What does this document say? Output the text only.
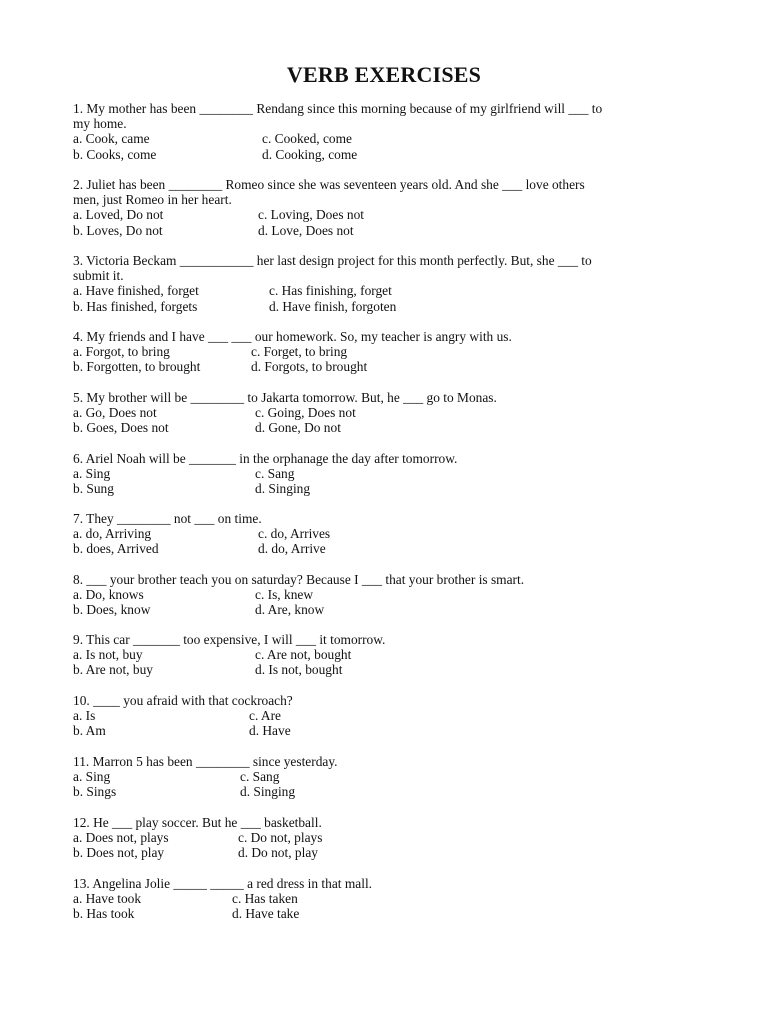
VERB EXERCISES
1. My mother has been ________ Rendang since this morning because of my girlfriend will ___ to
my home.
a. Cook, came	c. Cooked, come
b. Cooks, come	d. Cooking, come
2. Juliet has been ________ Romeo since she was seventeen years old. And she ___ love others
men, just Romeo in her heart.
a. Loved, Do not	c. Loving, Does not
b. Loves, Do not	d. Love, Does not
3. Victoria Beckam ___________ her last design project for this month perfectly. But, she ___ to
submit it.
a. Have finished, forget	c. Has finishing, forget
b. Has finished, forgets	d. Have finish, forgoten
4. My friends and I have ___ ___ our homework. So, my teacher is angry with us.
a. Forgot, to bring	c. Forget, to bring
b. Forgotten, to brought	d. Forgots, to brought
5. My brother will be ________ to Jakarta tomorrow. But, he ___ go to Monas.
a. Go, Does not	c. Going, Does not
b. Goes, Does not	d. Gone, Do not
6. Ariel Noah will be _______ in the orphanage the day after tomorrow.
a. Sing	c. Sang
b. Sung	d. Singing
7. They ________ not ___ on time.
a. do, Arriving	c. do, Arrives
b. does, Arrived	d. do, Arrive
8. ___ your brother teach you on saturday? Because I ___ that your brother is smart.
a. Do, knows	c. Is, knew
b. Does, know	d. Are, know
9. This car _______ too expensive, I will ___ it tomorrow.
a. Is not, buy	c. Are not, bought
b. Are not, buy	d. Is not, bought
10. ____ you afraid with that cockroach?
a. Is	c. Are
b. Am	d. Have
11. Marron 5 has been ________ since yesterday.
a. Sing	c. Sang
b. Sings	d. Singing
12. He ___ play soccer. But he ___ basketball.
a. Does not, plays	c. Do not, plays
b. Does not, play	d. Do not, play
13. Angelina Jolie _____ _____ a red dress in that mall.
a. Have took	c. Has taken
b. Has took	d. Have take
